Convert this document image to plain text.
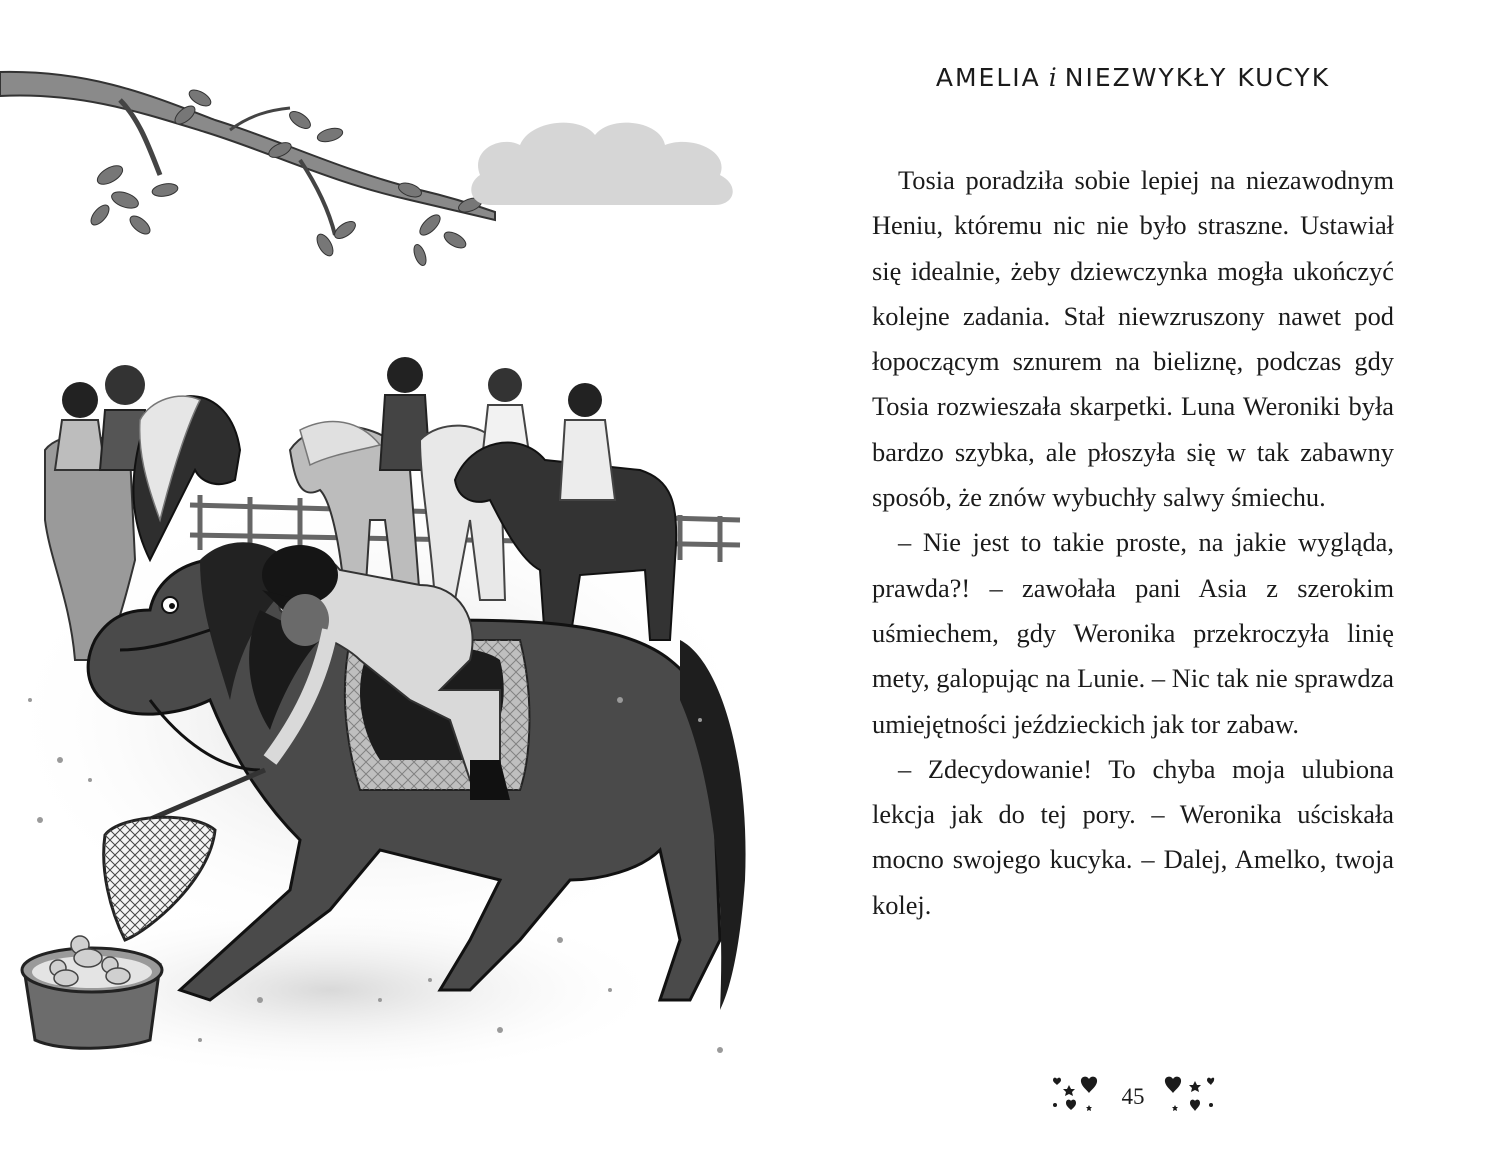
AMELIA i NIEZWYKŁY KUCYK

Tosia poradziła sobie lepiej na niezawodnym Heniu, któremu nic nie było straszne. Ustawiał się idealnie, żeby dziewczynka mogła ukończyć kolejne zadania. Stał niewzruszony nawet pod łopoczącym sznurem na bieliznę, podczas gdy Tosia rozwieszała skarpetki. Luna Weroniki była bardzo szybka, ale płoszyła się w tak zabawny sposób, że znów wybuchły salwy śmiechu.

– Nie jest to takie proste, na jakie wygląda, prawda?! – zawołała pani Asia z szerokim uśmiechem, gdy Weronika przekroczyła linię mety, galopując na Lunie. – Nic tak nie sprawdza umiejętności jeździeckich jak tor zabaw.

– Zdecydowanie! To chyba moja ulubiona lekcja jak do tej pory. – Weronika uściskała mocno swojego kucyka. – Dalej, Amelko, twoja kolej.

45
